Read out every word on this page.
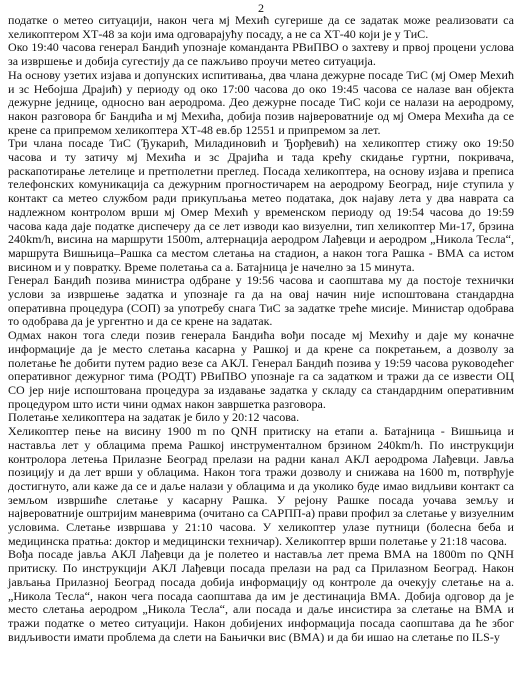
2

податке о метео ситуацији, након чега мј Мехић сугерише да се задатак може реализовати са хеликоптером ХТ-48 за који има одговарајућу посаду, а не са ХТ-40 који је у ТиС.

Око 19:40 часова генерал Бандић упознаје команданта РВиПВО о захтеву и првој процени услова за извршење и добија сугестију да се пажљиво проучи метео ситуација.

На основу узетих изјава и допунских испитивања, два члана дежурне посаде ТиС (мј Омер Мехић и зс Небојша Драјић) у периоду од око 17:00 часова до око 19:45 часова се налазе ван објекта дежурне једнице, односно ван аеродрома. Део дежурне посаде ТиС који се налази на аеродрому, након разговора бг Бандића и мј Мехића, добија позив највероватније од мј Омера Мехића да се крене са припремом хеликоптера ХТ-48 ев.бр 12551 и припремом за лет.

Три члана посаде ТиС (Ђукарић, Миладиновић и Ђорђевић) на хеликоптер стижу око 19:50 часова и ту затичу мј Мехића и зс Драјића и тада крећу скидање гуртни, покривача, раскапотирање летелице и претполетни преглед. Посада хеликоптера, на основу изјава и преписа телефонских комуникација са дежурним прогностичарем на аеродрому Београд, није ступила у контакт са метео службом ради прикупљања метео података, док најаву лета у два навратa са надлежном контролом врши мј Омер Мехић у временском периоду од 19:54 часова до 19:59 часова када даје податке диспечеру да се лет изводи као визуелни, тип хеликоптер Ми-17, брзина 240km/h, висина на маршрути 1500m, алтернација аеродром Лађевци и аеродром „Никола Тесла“, маршрута Вишњица–Рашка са местом слетања на стадион, а након тога Рашка - ВМА са истом висином и у повратку. Време полетања са а. Батајница је начелно за 15 минута.

Генерал Бандић позива министра одбране у 19:56 часова и саопштава му да постоје технички услови за извршење задатка и упознаје га да на овај начин није испоштована стандардна оперативна процедура (СОП) за употребу снага ТиС за задатке треће мисије. Министар одобрава то одобрава да је ургентно и да се крене на задатак.

Одмах након тога следи позив генерала Бандића вођи посаде мј Мехићу и даје му коначне информације да је место слетања касарна у Рашкој и да крене са покретањем, а дозволу за полетање ће добити путем радио везе са АКЛ. Генерал Бандић позива у 19:59 часова руководећег оперативног дежурног тима (РОДТ) РВиПВО упознаје га са задатком и тражи да се извести ОЦ СО јер није испоштована процедура за издавање задатка у складу са стандардним оперативним процедуром што исти чини одмах након завршетка разговора.

Полетање хеликоптера на задатак је било у 20:12 часова.

Хеликоптер пење на висину 1900 m по QNH притиску на етапи а. Батајница - Вишњица и наставља лет у облацима према Рашкој инструменталном брзином 240km/h. По инструкцији контролора летења Прилазне Београд прелази на радни канал АКЛ аеродрома Лађевци. Јавља позицију и да лет врши у облацима. Након тога тражи дозволу и снижава на 1600 m, потврђује достигнуто, али каже да се и даље налази у облацима и да уколико буде имао видљиви контакт са земљом извршиће слетање у касарну Рашка. У рејону Рашке посада уочава земљу и највероватније оштријим маневрима (очитано са САРПП-а) прави профил за слетање у визуелним условима. Слетање извршава у 21:10 часова. У хеликоптер улазе путници (болесна беба и медицинска пратња: доктор и медицински техничар). Хеликоптер врши полетање у 21:18 часова.

Вођа посаде јавља АКЛ Лађевци да је полетео и наставља лет према ВМА на 1800m по QNH притиску. По инструкцији АКЛ Лађевци посада прелази на рад са Прилазном Београд. Након јављања Прилазној Београд посада добија информацију од контроле да очекују слетање на а. „Никола Тесла“, након чега посада саопштава да им је дестинација ВМА. Добија одговор да је место слетања аеродром „Никола Тесла“, али посада и даље инсистира за слетање на ВМА и тражи податке о метео ситуацији. Након добијених информација посада саопштава да ће због видљивости имати проблема да слети на Бањички вис (ВМА) и да би ишао на слетање по ILS-у
